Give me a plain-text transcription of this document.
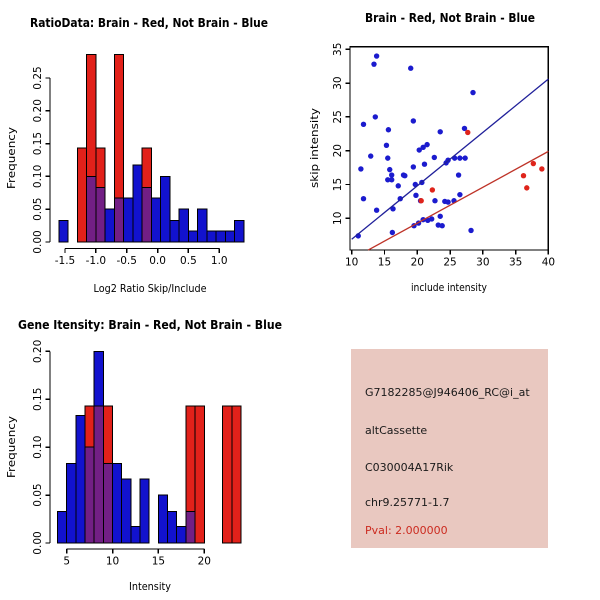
-1.5 -1.0 -0.5 0.0 0.5 1.0
0.00
0.05
0.10
0.15
0.20
0.25
RatioData: Brain - Red, Not Brain - Blue
Log2 Ratio Skip/Include
Frequency
10 15 20 25 30 35 40
10
15
20
25
30
35
Brain - Red, Not Brain - Blue
include intensity
skip intensity
5	10	15	20
0.00
0.05
0.10
0.15
0.20
Gene Itensity: Brain - Red, Not Brain - Blue
Intensity
Frequency
G7182285@J946406_RC@i_at
altCassette
C030004A17Rik
chr9.25771-1.7
Pval: 2.000000
